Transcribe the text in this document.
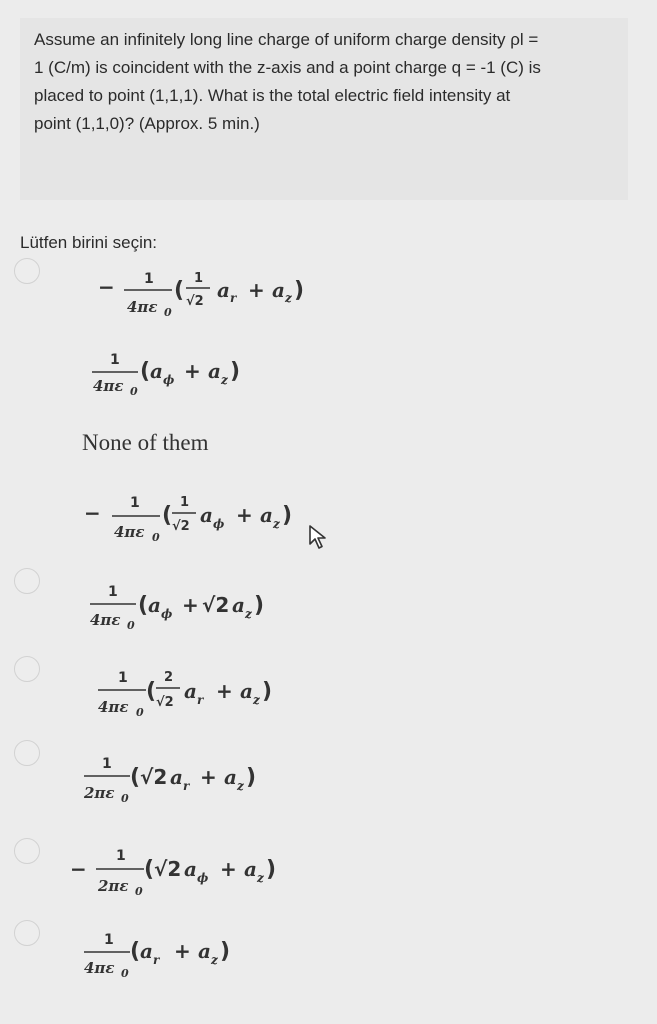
Assume an infinitely long line charge of uniform charge density ρl =
1 (C/m) is coincident with the z-axis and a point charge q = -1 (C) is
placed to point (1,1,1). What is the total electric field intensity at
point (1,1,0)? (Approx. 5 min.)

Lütfen birini seçin:
− 1
4πε 0
( 1
√2 a r + a z )
1
4πε 0
( a ϕ + a z )
None of them
− 1
4πε 0
(
1
√2 a ϕ + a z )
1
4πε 0
( a ϕ + √2 a z )
1
4πε 0
(
2
√2 a r + a z )
1
2πε 0
( √2 a r + a z )
−
1
2πε 0
( √2 a ϕ + a z )
1
4πε 0
( a r + a z )
